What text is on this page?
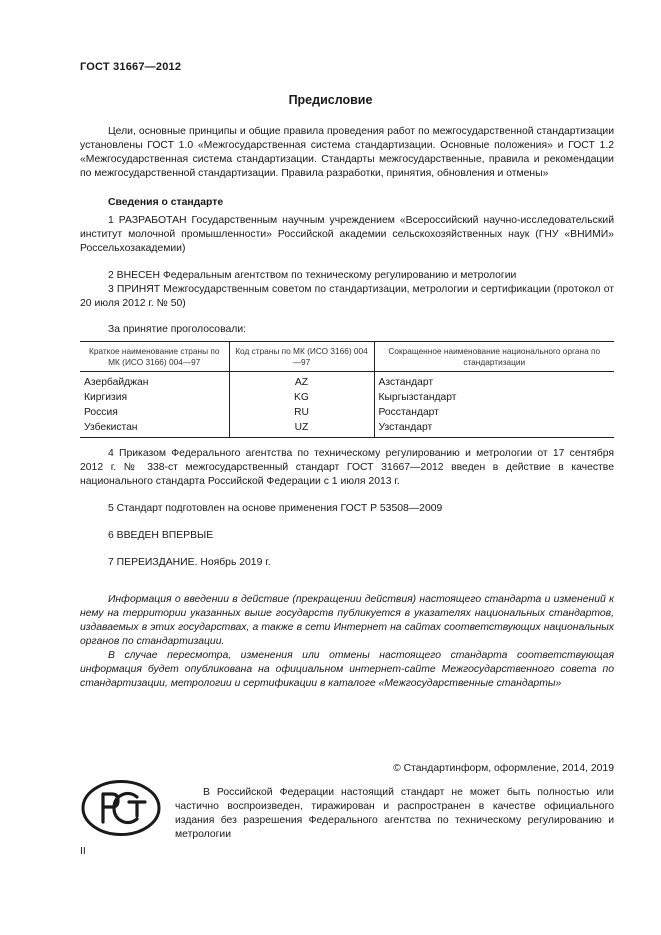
ГОСТ 31667—2012
Предисловие
Цели, основные принципы и общие правила проведения работ по межгосударственной стандартизации установлены ГОСТ 1.0 «Межгосударственная система стандартизации. Основные положения» и ГОСТ 1.2 «Межгосударственная система стандартизации. Стандарты межгосударственные, правила и рекомендации по межгосударственной стандартизации. Правила разработки, принятия, обновления и отмены»
Сведения о стандарте
1 РАЗРАБОТАН Государственным научным учреждением «Всероссийский научно-исследовательский институт молочной промышленности» Российской академии сельскохозяйственных наук (ГНУ «ВНИМИ» Россельхозакадемии)
2 ВНЕСЕН Федеральным агентством по техническому регулированию и метрологии
3 ПРИНЯТ Межгосударственным советом по стандартизации, метрологии и сертификации (протокол от 20 июля 2012 г. № 50)
За принятие проголосовали:
Краткое наименование страны по МК (ИСО 3166) 004—97	Код страны по МК (ИСО 3166) 004—97	Сокращенное наименование национального органа по стандартизации
Азербайджан	AZ	Азстандарт
Киргизия	KG	Кыргызстандарт
Россия	RU	Росстандарт
Узбекистан	UZ	Узстандарт
4 Приказом Федерального агентства по техническому регулированию и метрологии от 17 сентября 2012 г. № 338-ст межгосударственный стандарт ГОСТ 31667—2012 введен в действие в качестве национального стандарта Российской Федерации с 1 июля 2013 г.
5 Стандарт подготовлен на основе применения ГОСТ Р 53508—2009
6 ВВЕДЕН ВПЕРВЫЕ
7 ПЕРЕИЗДАНИЕ. Ноябрь 2019 г.
Информация о введении в действие (прекращении действия) настоящего стандарта и изменений к нему на территории указанных выше государств публикуется в указателях национальных стандартов, издаваемых в этих государствах, а также в сети Интернет на сайтах соответствующих национальных органов по стандартизации.
В случае пересмотра, изменения или отмены настоящего стандарта соответствующая информация будет опубликована на официальном интернет-сайте Межгосударственного совета по стандартизации, метрологии и сертификации в каталоге «Межгосударственные стандарты»
© Стандартинформ, оформление, 2014, 2019
В Российской Федерации настоящий стандарт не может быть полностью или частично воспроизведен, тиражирован и распространен в качестве официального издания без разрешения Федерального агентства по техническому регулированию и метрологии
II
